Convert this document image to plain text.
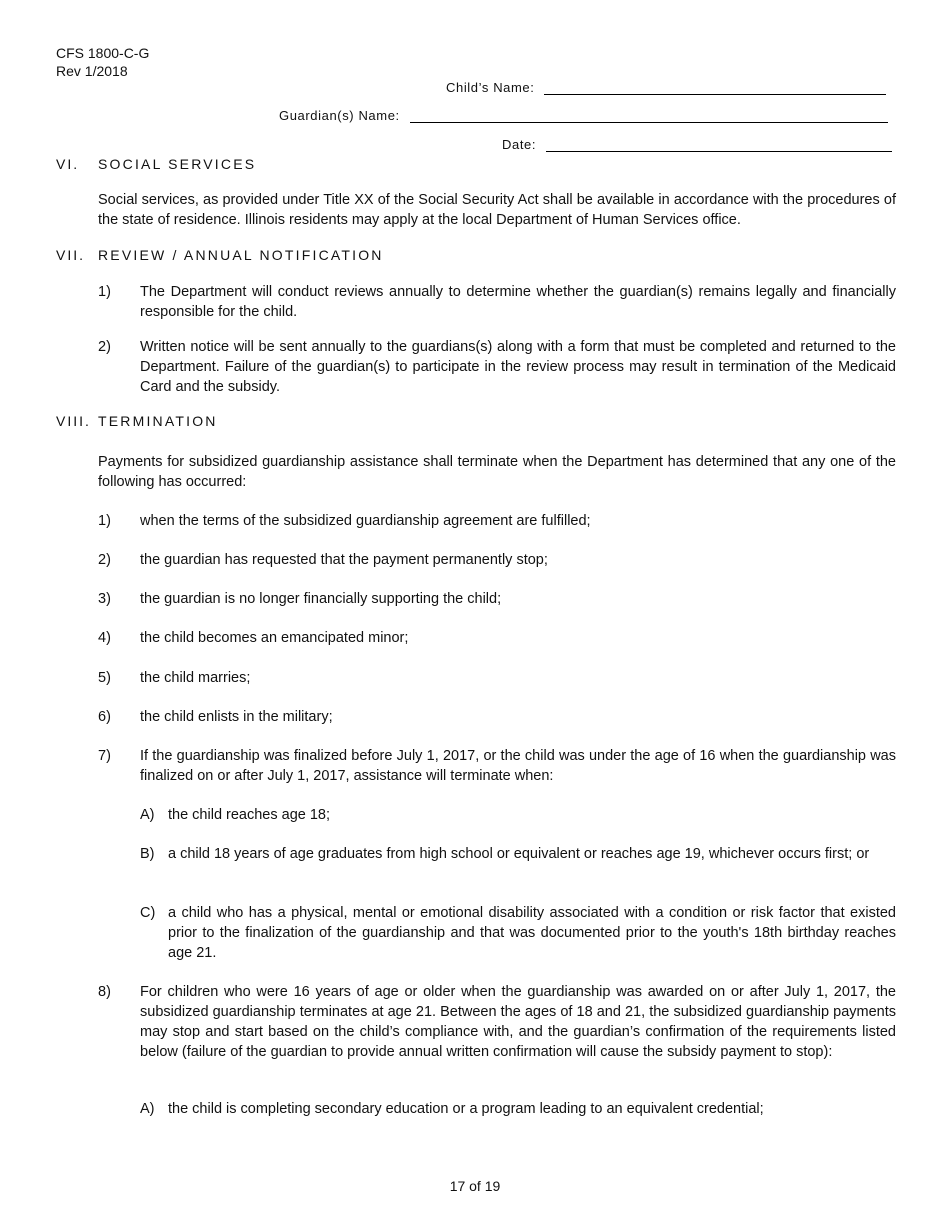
CFS 1800-C-G
Rev 1/2018
Child’s Name:
Guardian(s) Name:
Date:
VI. SOCIAL SERVICES
Social services, as provided under Title XX of the Social Security Act shall be available in accordance with the procedures of the state of residence. Illinois residents may apply at the local Department of Human Services office.
VII. REVIEW / ANNUAL NOTIFICATION
1)	The Department will conduct reviews annually to determine whether the guardian(s) remains legally and financially responsible for the child.
2)	Written notice will be sent annually to the guardians(s) along with a form that must be completed and returned to the Department. Failure of the guardian(s) to participate in the review process may result in termination of the Medicaid Card and the subsidy.
VIII. TERMINATION
Payments for subsidized guardianship assistance shall terminate when the Department has determined that any one of the following has occurred:
1)	when the terms of the subsidized guardianship agreement are fulfilled;
2)	the guardian has requested that the payment permanently stop;
3)	the guardian is no longer financially supporting the child;
4)	the child becomes an emancipated minor;
5)	the child marries;
6)	the child enlists in the military;
7)	If the guardianship was finalized before July 1, 2017, or the child was under the age of 16 when the guardianship was finalized on or after July 1, 2017, assistance will terminate when:
A) the child reaches age 18;
B) a child 18 years of age graduates from high school or equivalent or reaches age 19, whichever occurs first; or
C) a child who has a physical, mental or emotional disability associated with a condition or risk factor that existed prior to the finalization of the guardianship and that was documented prior to the youth's 18th birthday reaches age 21.
8)	For children who were 16 years of age or older when the guardianship was awarded on or after July 1, 2017, the subsidized guardianship terminates at age 21. Between the ages of 18 and 21, the subsidized guardianship payments may stop and start based on the child’s compliance with, and the guardian’s confirmation of the requirements listed below (failure of the guardian to provide annual written confirmation will cause the subsidy payment to stop):
A) the child is completing secondary education or a program leading to an equivalent credential;
17 of 19
